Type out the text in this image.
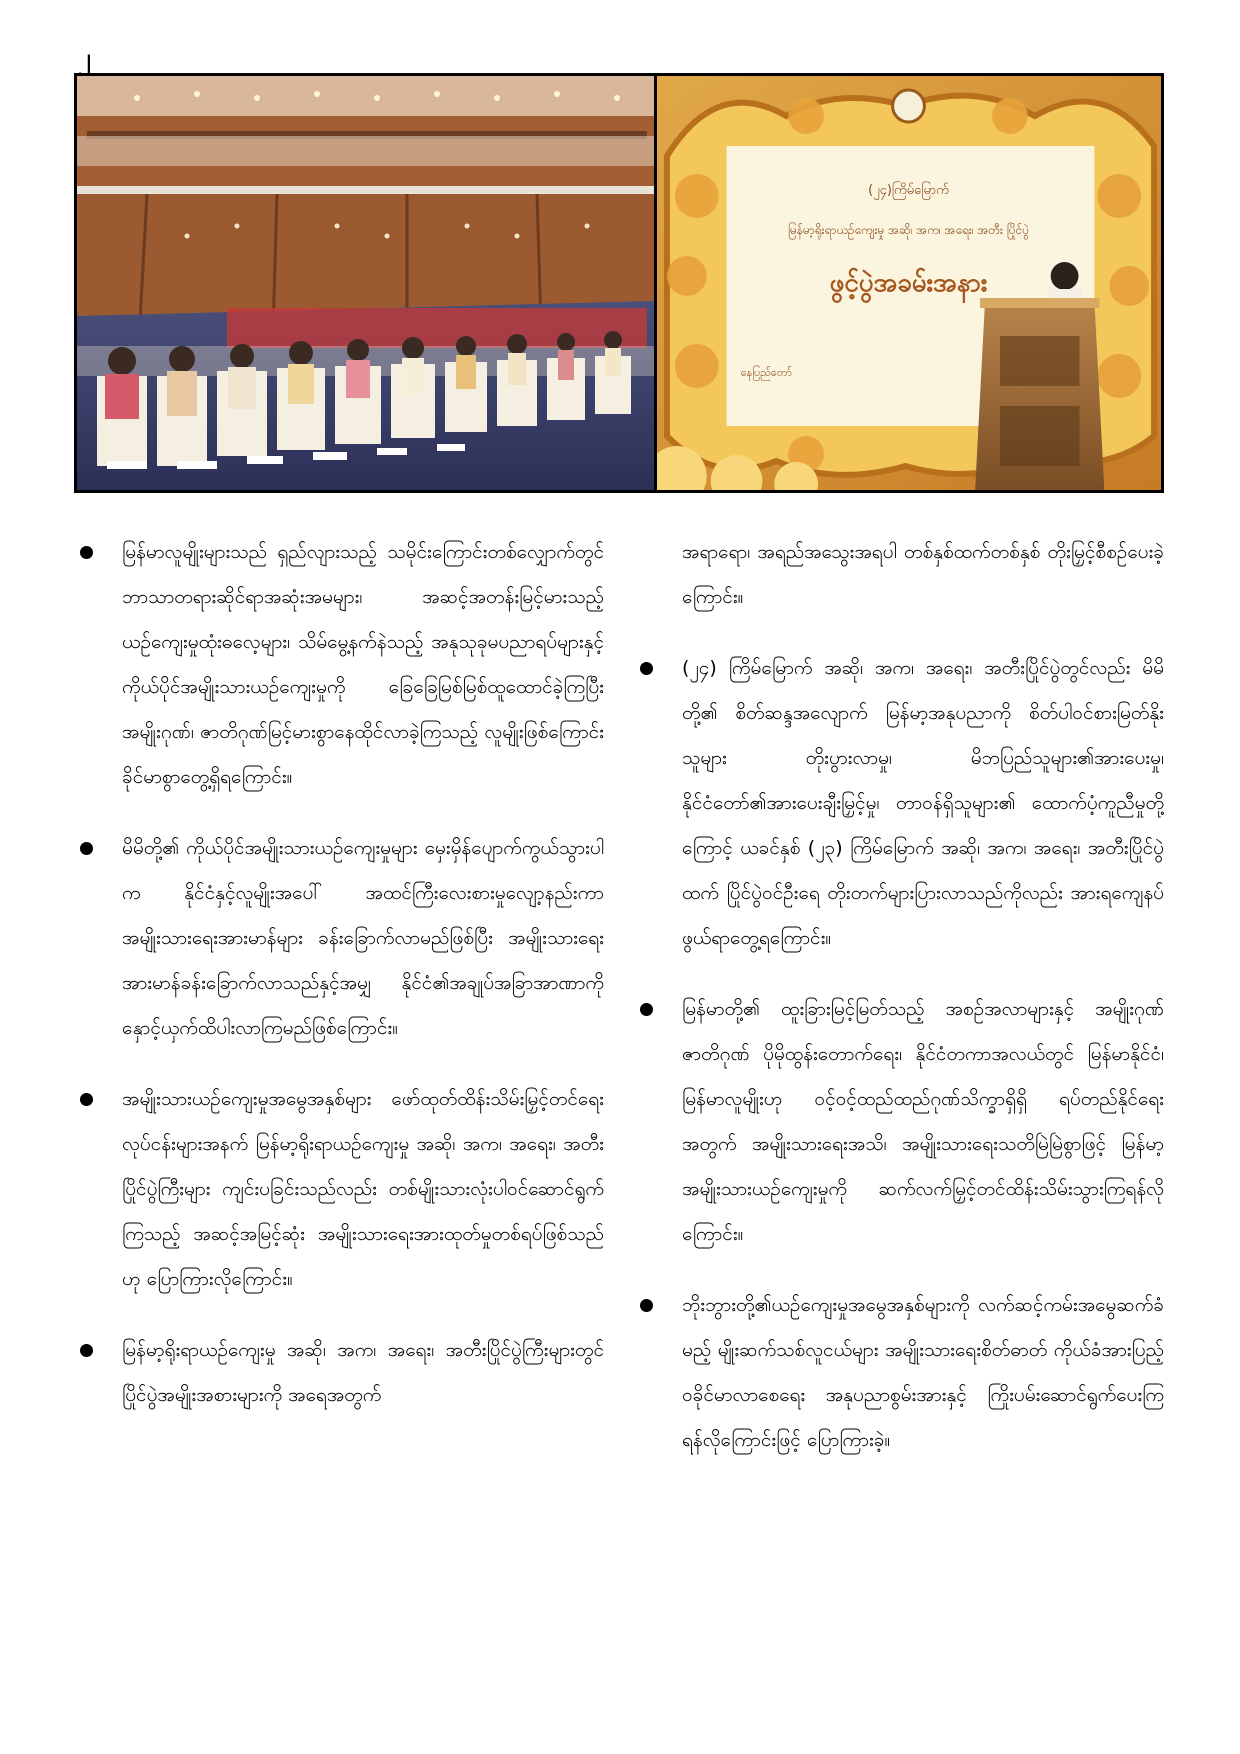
၂
(၂၄)ကြိမ်မြောက်
မြန်မာ့ရိုးရာယဉ်ကျေးမှု အဆို၊ အက၊ အရေး၊ အတီး ပြိုင်ပွဲ
ဖွင့်ပွဲအခမ်းအနား
နေပြည်တော်
မြန်မာလူမျိုးများသည် ရှည်လျားသည့် သမိုင်းကြောင်းတစ်လျှောက်တွင် ဘာသာတရားဆိုင်ရာအဆုံးအမများ၊ အဆင့်အတန်းမြင့်မားသည့် ယဉ်ကျေးမှုထုံးဓလေ့များ၊ သိမ်မွေ့နက်နဲသည့် အနုသုခုမပညာရပ်များနှင့် ကိုယ်ပိုင်အမျိုးသားယဉ်ကျေးမှုကို ခြေခြေမြစ်မြစ်ထူထောင်ခဲ့ကြပြီး အမျိုးဂုဏ်၊ ဇာတိဂုဏ်မြင့်မားစွာနေထိုင်လာခဲ့ကြသည့် လူမျိုးဖြစ်ကြောင်း ခိုင်မာစွာတွေ့ရှိရကြောင်း။
မိမိတို့၏ ကိုယ်ပိုင်အမျိုးသားယဉ်ကျေးမှုများ မှေးမှိန်ပျောက်ကွယ်သွားပါက နိုင်ငံနှင့်လူမျိုးအပေါ် အထင်ကြီးလေးစားမှုလျော့နည်းကာ အမျိုးသားရေးအားမာန်များ ခန်းခြောက်လာမည်ဖြစ်ပြီး အမျိုးသားရေးအားမာန်ခန်းခြောက်လာသည်နှင့်အမျှ နိုင်ငံ၏အချုပ်အခြာအာဏာကို နှောင့်ယှက်ထိပါးလာကြမည်ဖြစ်ကြောင်း။
အမျိုးသားယဉ်ကျေးမှုအမွေအနှစ်များ ဖော်ထုတ်ထိန်းသိမ်းမြှင့်တင်ရေးလုပ်ငန်းများအနက် မြန်မာ့ရိုးရာယဉ်ကျေးမှု အဆို၊ အက၊ အရေး၊ အတီးပြိုင်ပွဲကြီးများ ကျင်းပခြင်းသည်လည်း တစ်မျိုးသားလုံးပါဝင်ဆောင်ရွက်ကြသည့် အဆင့်အမြင့်ဆုံး အမျိုးသားရေးအားထုတ်မှုတစ်ရပ်ဖြစ်သည်ဟု ပြောကြားလိုကြောင်း။
မြန်မာ့ရိုးရာယဉ်ကျေးမှု အဆို၊ အက၊ အရေး၊ အတီးပြိုင်ပွဲကြီးများတွင် ပြိုင်ပွဲအမျိုးအစားများကို အရေအတွက်
အရာရော၊ အရည်အသွေးအရပါ တစ်နှစ်ထက်တစ်နှစ် တိုးမြှင့်စီစဉ်ပေးခဲ့ကြောင်း။
(၂၄) ကြိမ်မြောက် အဆို၊ အက၊ အရေး၊ အတီးပြိုင်ပွဲတွင်လည်း မိမိတို့၏ စိတ်ဆန္ဒအလျောက် မြန်မာ့အနုပညာကို စိတ်ပါဝင်စားမြတ်နိုးသူများ တိုးပွားလာမှု၊ မိဘပြည်သူများ၏အားပေးမှု၊ နိုင်ငံတော်၏အားပေးချီးမြှင့်မှု၊ တာဝန်ရှိသူများ၏ ထောက်ပံ့ကူညီမှုတို့ကြောင့် ယခင်နှစ် (၂၃) ကြိမ်မြောက် အဆို၊ အက၊ အရေး၊ အတီးပြိုင်ပွဲထက် ပြိုင်ပွဲဝင်ဦးရေ တိုးတက်များပြားလာသည်ကိုလည်း အားရကျေနပ်ဖွယ်ရာတွေ့ရကြောင်း။
မြန်မာတို့၏ ထူးခြားမြင့်မြတ်သည့် အစဉ်အလာများနှင့် အမျိုးဂုဏ်ဇာတိဂုဏ် ပိုမိုထွန်းတောက်ရေး၊ နိုင်ငံတကာအလယ်တွင် မြန်မာနိုင်ငံ၊ မြန်မာလူမျိုးဟု ဝင့်ဝင့်ထည်ထည်ဂုဏ်သိက္ခာရှိရှိ ရပ်တည်နိုင်ရေးအတွက် အမျိုးသားရေးအသိ၊ အမျိုးသားရေးသတိမြဲမြဲစွာဖြင့် မြန်မာ့အမျိုးသားယဉ်ကျေးမှုကို ဆက်လက်မြှင့်တင်ထိန်းသိမ်းသွားကြရန်လိုကြောင်း။
ဘိုးဘွားတို့၏ယဉ်ကျေးမှုအမွေအနှစ်များကို လက်ဆင့်ကမ်းအမွေဆက်ခံမည့် မျိုးဆက်သစ်လူငယ်များ အမျိုးသားရေးစိတ်ဓာတ် ကိုယ်ခံအားပြည့်ဝခိုင်မာလာစေရေး အနုပညာစွမ်းအားနှင့် ကြိုးပမ်းဆောင်ရွက်ပေးကြရန်လိုကြောင်းဖြင့် ပြောကြားခဲ့။
